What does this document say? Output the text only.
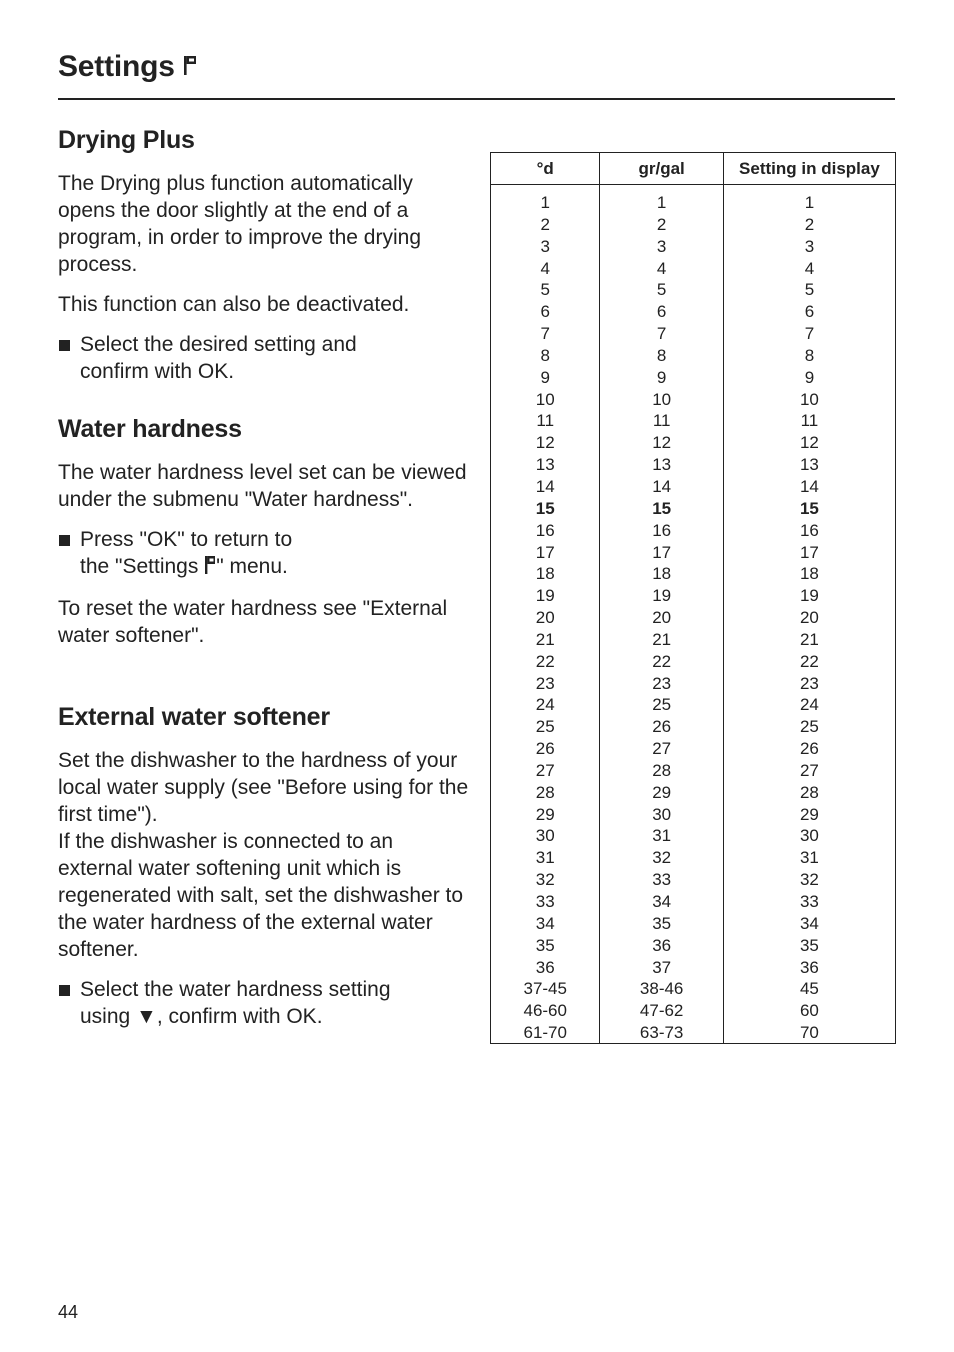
Settings
Drying Plus

The Drying plus function automatically opens the door slightly at the end of a program, in order to improve the drying process.

This function can also be deactivated.

Select the desired setting and
confirm with OK.
Water hardness

The water hardness level set can be viewed under the submenu "Water hardness".

Press "OK" to return to
the "Settings " menu.

To reset the water hardness see "External water softener".

External water softener

Set the dishwasher to the hardness of your local water supply (see "Before using for the first time").

If the dishwasher is connected to an external water softening unit which is regenerated with salt, set the dishwasher to the water hardness of the external water softener.

Select the water hardness setting
using ▼, confirm with OK.
°d	gr/gal	Setting in display
1
2
3
4
5
6
7
8
9
10
11
12
13
14
15
16
17
18
19
20
21
22
23
24
25
26
27
28
29
30
31
32
33
34
35
36
37-45
46-60
61-70
1
2
3
4
5
6
7
8
9
10
11
12
13
14
15
16
17
18
19
20
21
22
23
25
26
27
28
29
30
31
32
33
34
35
36
37
38-46
47-62
63-73
1
2
3
4
5
6
7
8
9
10
11
12
13
14
15
16
17
18
19
20
21
22
23
24
25
26
27
28
29
30
31
32
33
34
35
36
45
60
70
44
